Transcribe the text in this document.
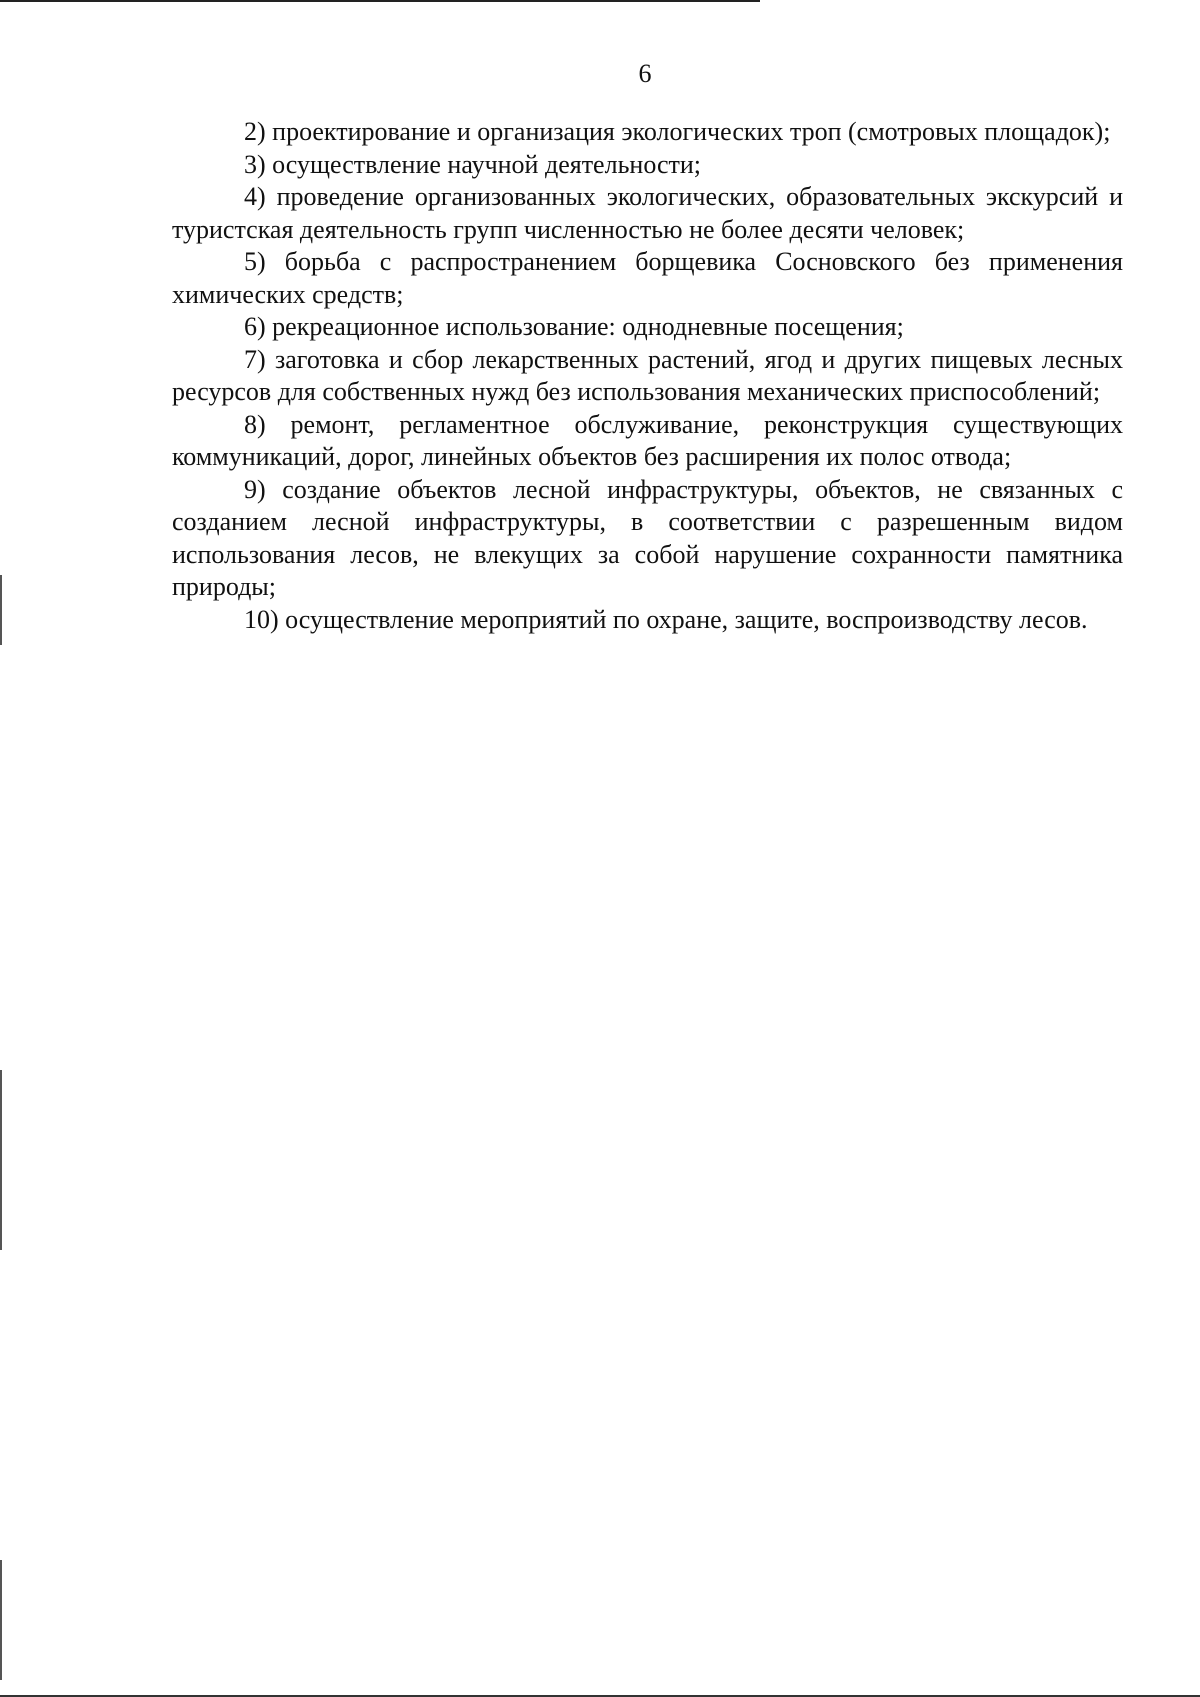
6

2) проектирование и организация экологических троп (смотровых площадок);

3) осуществление научной деятельности;

4) проведение организованных экологических, образовательных экскурсий и туристская деятельность групп численностью не более десяти человек;

5) борьба с распространением борщевика Сосновского без применения химических средств;

6) рекреационное использование: однодневные посещения;

7) заготовка и сбор лекарственных растений, ягод и других пищевых лесных ресурсов для собственных нужд без использования механических приспособлений;

8) ремонт, регламентное обслуживание, реконструкция существующих коммуникаций, дорог, линейных объектов без расширения их полос отвода;

9) создание объектов лесной инфраструктуры, объектов, не связанных с созданием лесной инфраструктуры, в соответствии с разрешенным видом использования лесов, не влекущих за собой нарушение сохранности памятника природы;

10) осуществление мероприятий по охране, защите, воспроизводству лесов.
